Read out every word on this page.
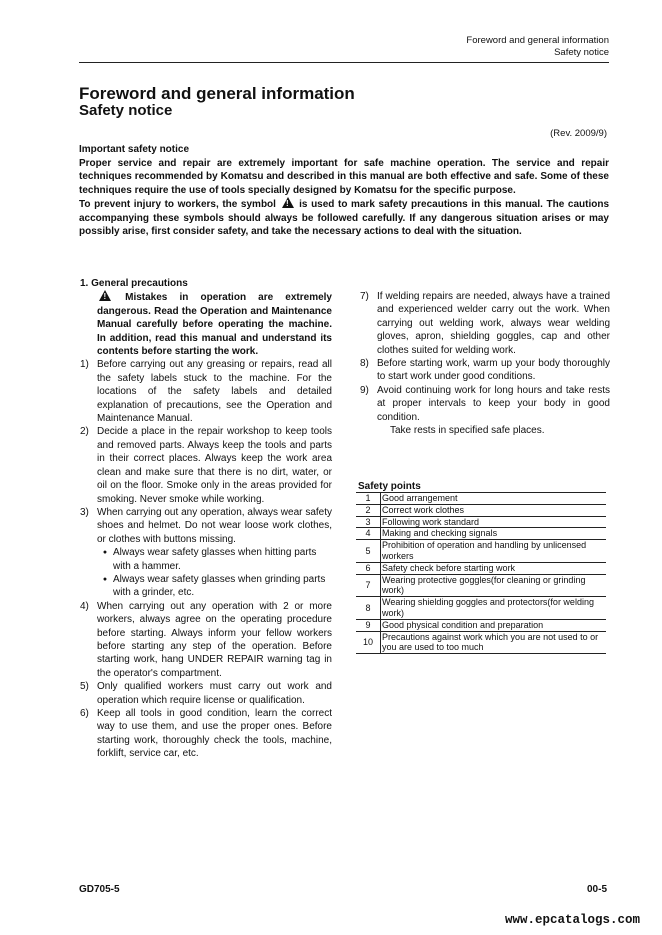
Foreword and general information
Safety notice
Foreword and general information
Safety notice
(Rev. 2009/9)
Important safety notice
Proper service and repair are extremely important for safe machine operation. The service and repair techniques recommended by Komatsu and described in this manual are both effective and safe. Some of these techniques require the use of tools specially designed by Komatsu for the specific purpose.
To prevent injury to workers, the symbol ! is used to mark safety precautions in this manual. The cautions accompanying these symbols should always be followed carefully. If any dangerous situation arises or may possibly arise, first consider safety, and take the necessary actions to deal with the situation.
1. General precautions
! Mistakes in operation are extremely dangerous. Read the Operation and Maintenance Manual carefully before operating the machine. In addition, read this manual and understand its contents before starting the work.
1) Before carrying out any greasing or repairs, read all the safety labels stuck to the machine. For the locations of the safety labels and detailed explanation of precautions, see the Operation and Maintenance Manual.
2) Decide a place in the repair workshop to keep tools and removed parts. Always keep the tools and parts in their correct places. Always keep the work area clean and make sure that there is no dirt, water, or oil on the floor. Smoke only in the areas provided for smoking. Never smoke while working.
3) When carrying out any operation, always wear safety shoes and helmet. Do not wear loose work clothes, or clothes with buttons missing.
● Always wear safety glasses when hitting parts with a hammer.
● Always wear safety glasses when grinding parts with a grinder, etc.
4) When carrying out any operation with 2 or more workers, always agree on the operating procedure before starting. Always inform your fellow workers before starting any step of the operation. Before starting work, hang UNDER REPAIR warning tag in the operator's compartment.
5) Only qualified workers must carry out work and operation which require license or qualification.
6) Keep all tools in good condition, learn the correct way to use them, and use the proper ones. Before starting work, thoroughly check the tools, machine, forklift, service car, etc.
7) If welding repairs are needed, always have a trained and experienced welder carry out the work. When carrying out welding work, always wear welding gloves, apron, shielding goggles, cap and other clothes suited for welding work.
8) Before starting work, warm up your body thoroughly to start work under good conditions.
9) Avoid continuing work for long hours and take rests at proper intervals to keep your body in good condition.
Take rests in specified safe places.
Safety points
1	Good arrangement
2	Correct work clothes
3	Following work standard
4	Making and checking signals
5	Prohibition of operation and handling by unlicensed workers
6	Safety check before starting work
7	Wearing protective goggles(for cleaning or grinding work)
8	Wearing shielding goggles and protectors(for welding work)
9	Good physical condition and preparation
10	Precautions against work which you are not used to or you are used to too much
GD705-5	00-5
www.epcatalogs.com
